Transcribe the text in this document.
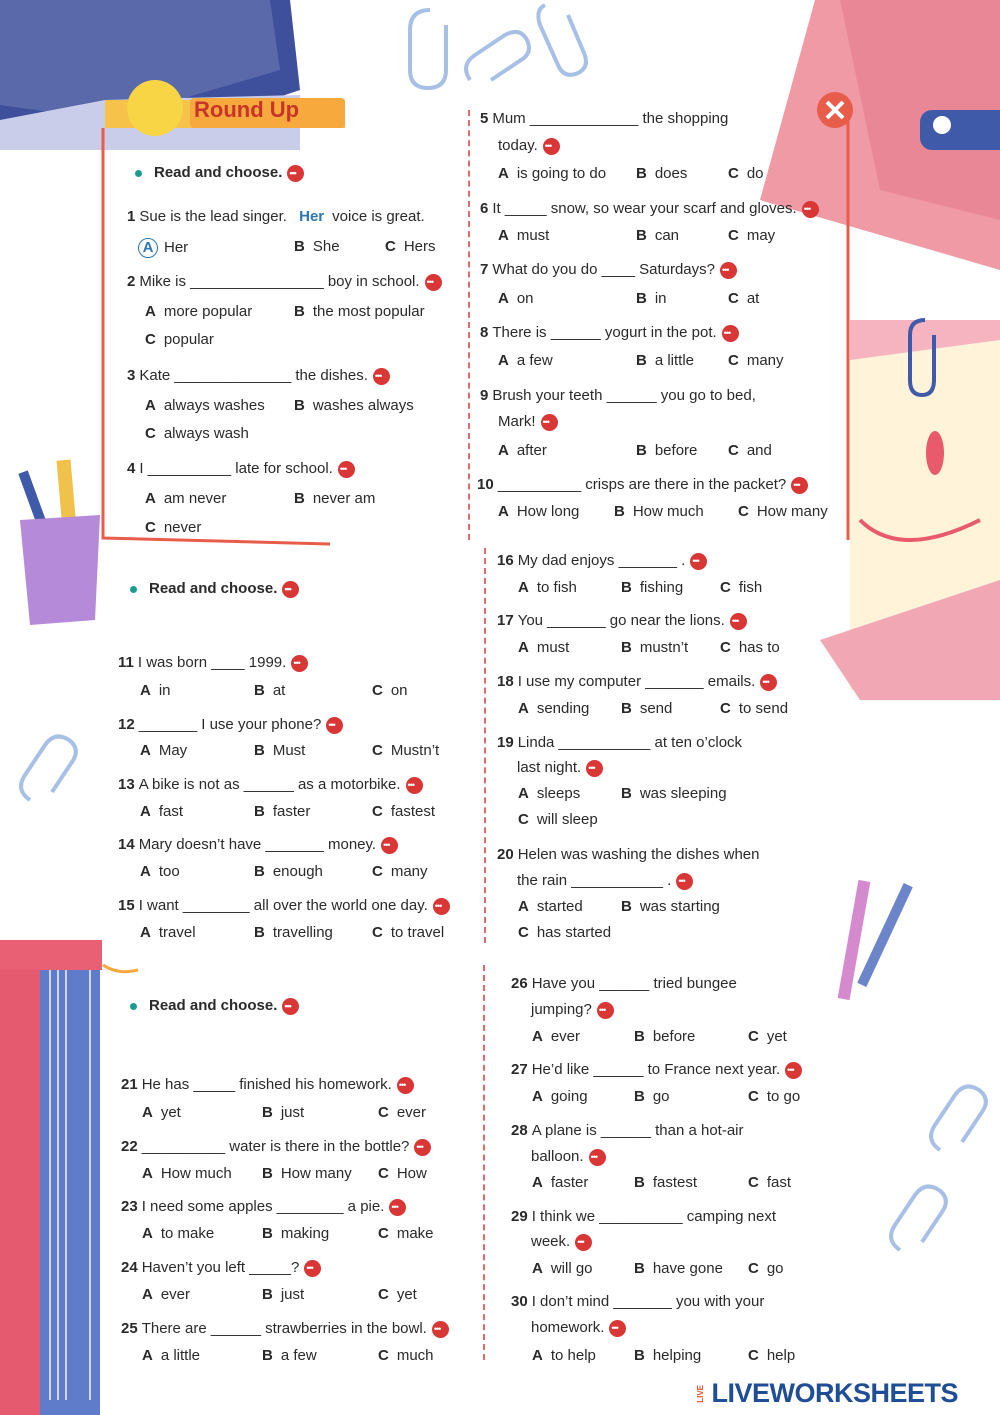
Round Up
Read and choose.•••
Read and choose.•••
Read and choose.•••
1 Sue is the lead singer. Her voice is great.
A Her	B She	C Hers
2 Mike is ________________ boy in school.•••
A more popular	B the most popular
C popular
3 Kate ______________ the dishes.•••
A always washes B washes always
C always wash
4 I __________ late for school.•••
A am never	B never am
C never
5 Mum _____________ the shopping
today.•••
A is going to do B does	C do
6 It _____ snow, so wear your scarf and gloves.•••
A must	B can	C may
7 What do you do ____ Saturdays?•••
A on	B in	C at
8 There is ______ yogurt in the pot.•••
A a few	B a little C many
9 Brush your teeth ______ you go to bed,
Mark!•••
A after	B before C and
10 __________ crisps are there in the packet?•••
A How long B How much C How many
11 I was born ____ 1999.•••
A in	B at	C on
12 _______ I use your phone?•••
A May	B Must	C Mustn’t
13 A bike is not as ______ as a motorbike.•••
A fast	B faster	C fastest
14 Mary doesn’t have _______ money.•••
A too	B enough	C many
15 I want ________ all over the world one day.•••
A travel	B travelling	C to travel
16 My dad enjoys _______ .•••
A to fish	B fishing C fish
17 You _______ go near the lions.•••
A must	B mustn’t C has to
18 I use my computer _______ emails.•••
A sending B send	C to send
19 Linda ___________ at ten o’clock
last night.•••
A sleeps	B was sleeping
C will sleep
20 Helen was washing the dishes when
the rain ___________ .•••
A started	B was starting
C has started
21 He has _____ finished his homework.•••
A yet	B just	C ever
22 __________ water is there in the bottle?•••
A How much B How many C How
23 I need some apples ________ a pie.•••
A to make	B making	C make
24 Haven’t you left _____?•••
A ever	B just	C yet
25 There are ______ strawberries in the bowl.•••
A a little	B a few	C much
26 Have you ______ tried bungee
jumping?•••
A ever	B before	C yet
27 He’d like ______ to France next year.•••
A going	B go	C to go
28 A plane is ______ than a hot-air
balloon.•••
A faster	B fastest	C fast
29 I think we __________ camping next
week.•••
A will go	B have gone C go
30 I don’t mind _______ you with your
homework.•••
A to help	B helping	C help
LIVE LIVEWORKSHEETS
